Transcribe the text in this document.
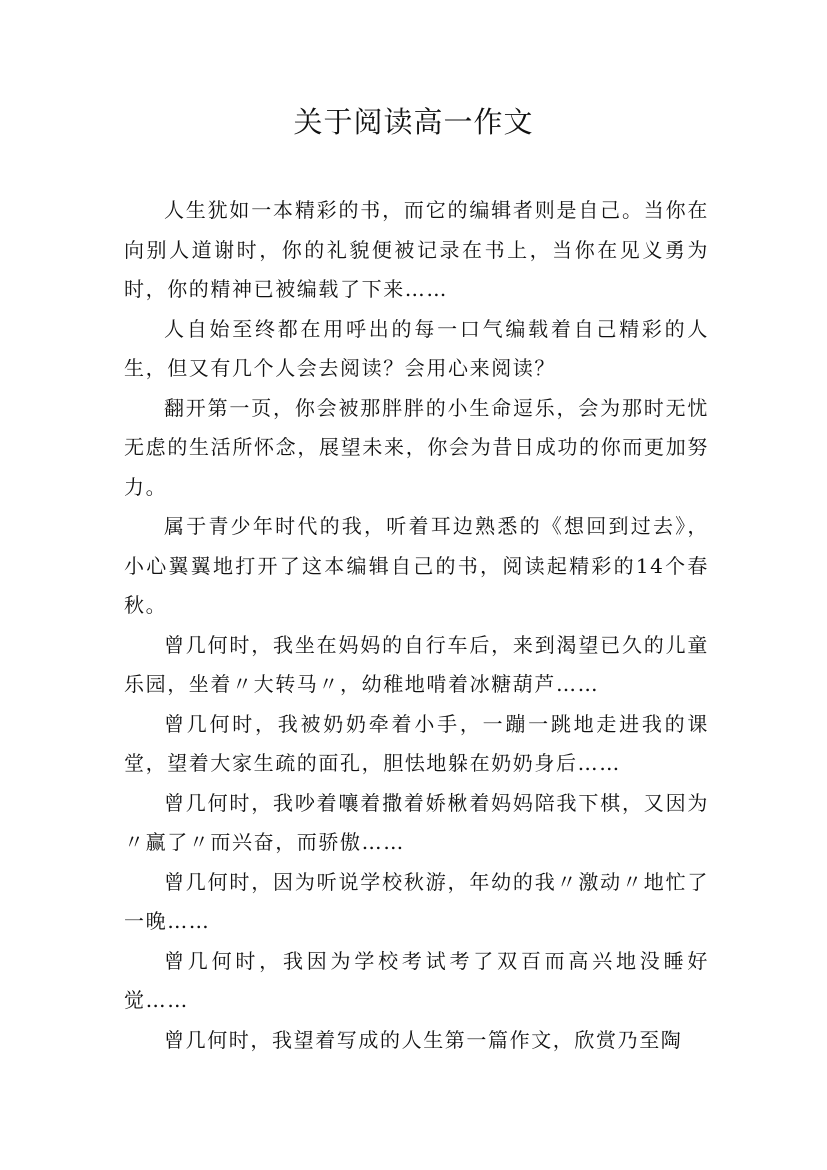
关于阅读高一作文

人生犹如一本精彩的书，而它的编辑者则是自己。当你在向别人道谢时，你的礼貌便被记录在书上，当你在见义勇为时，你的精神已被编载了下来……

人自始至终都在用呼出的每一口气编载着自己精彩的人生，但又有几个人会去阅读？会用心来阅读？

翻开第一页，你会被那胖胖的小生命逗乐，会为那时无忧无虑的生活所怀念，展望未来，你会为昔日成功的你而更加努力。

属于青少年时代的我，听着耳边熟悉的《想回到过去》，小心翼翼地打开了这本编辑自己的书，阅读起精彩的14个春秋。

曾几何时，我坐在妈妈的自行车后，来到渴望已久的儿童乐园，坐着〃大转马〃，幼稚地啃着冰糖葫芦……

曾几何时，我被奶奶牵着小手，一蹦一跳地走进我的课堂，望着大家生疏的面孔，胆怯地躲在奶奶身后……

曾几何时，我吵着嚷着撒着娇楸着妈妈陪我下棋，又因为〃赢了〃而兴奋，而骄傲……

曾几何时，因为听说学校秋游，年幼的我〃激动〃地忙了一晚……

曾几何时，我因为学校考试考了双百而高兴地没睡好觉……

曾几何时，我望着写成的人生第一篇作文，欣赏乃至陶
